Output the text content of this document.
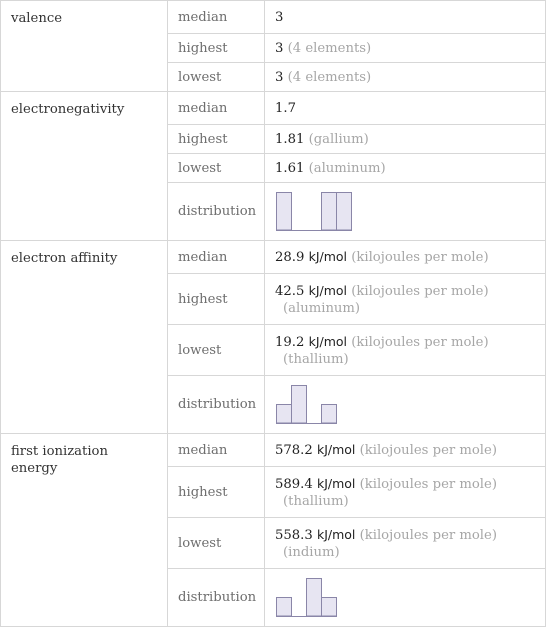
valence	median	3
	highest	3 (4 elements)
	lowest	3 (4 elements)
electronegativity	median	1.7
	highest	1.81 (gallium)
	lowest	1.61 (aluminum)
	distribution	

electron affinity	median	28.9 kJ/mol (kilojoules per mole)
	highest	42.5 kJ/mol (kilojoules per mole)
(aluminum)

	lowest	19.2 kJ/mol (kilojoules per mole)
(thallium)

	distribution	

first ionization energy	median	578.2 kJ/mol (kilojoules per mole)
	highest	589.4 kJ/mol (kilojoules per mole)
(thallium)

	lowest	558.3 kJ/mol (kilojoules per mole)
(indium)

	distribution	
